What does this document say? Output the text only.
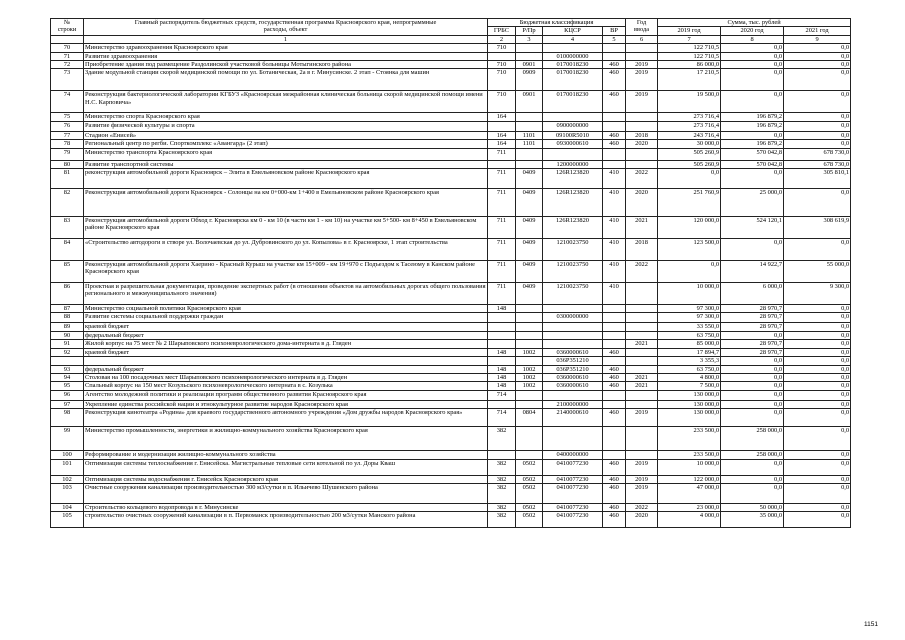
№
строки	Главный распорядитель бюджетных средств, государственная программа Красноярского края, непрограммные
расходы, объект	Бюджетная классификация				Год
ввода	Сумма, тыс. рублей		
		ГРБС	Р/Пр	КЦСР	ВР		2019 год	2020 год	2021 год
	1	2	3	4	5	6	7	8	9
70	Министерство здравоохранения Красноярского края	710					122 710,5	0,0	0,0
71	Развитие здравоохранения			0100000000			122 710,5	0,0	0,0
72	Приобретение здания под размещение Раздолинской участковой больницы Мотыгинского района	710	0901	0170018230	460	2019	86 000,0	0,0	0,0
73	Здание модульной станции скорой медицинской помощи по ул. Ботаническая, 2а в г. Минусинске. 2 этап - Стоянка для машин	710	0909	0170018230	460	2019	17 210,5	0,0	0,0
74	Реконструкция бактериологической лаборатории КГБУЗ «Красноярская межрайонная клиническая больница скорой медицинской помощи имени Н.С. Карповича»	710	0901	0170018230	460	2019	19 500,0	0,0	0,0
75	Министерство спорта Красноярского края	164					273 716,4	196 879,2	0,0
76	Развитие физической культуры и спорта			0900000000			273 716,4	196 879,2	0,0
77	Стадион «Енисей»	164	1101	09100R5010	460	2018	243 716,4	0,0	0,0
78	Региональный центр по регби. Спорткомплекс «Авангард» (2 этап)	164	1101	0930000610	460	2020	30 000,0	196 879,2	0,0
79	Министерство транспорта Красноярского края	711					505 260,9	570 042,8	678 730,0
80	Развитие транспортной системы			1200000000			505 260,9	570 042,8	678 730,0
81	реконструкция автомобильной дороги Красноярск – Элита в Емельяновском районе Красноярского края	711	0409	126R123820	410	2022	0,0	0,0	305 810,1
82	Реконструкция автомобильной дороги Красноярск - Солонцы на км 0+000-км 1+400 в Емельяновском районе Красноярского края	711	0409	126R123820	410	2020	251 760,9	25 000,0	0,0
83	Реконструкция автомобильной дороги Обход г. Красноярска км 0 - км 10 (в части км 1 - км 10) на участке км 5+500- км 8+450 в Емельяновском районе Красноярского края	711	0409	126R123820	410	2021	120 000,0	524 120,1	308 619,9
84	«Строительство автодороги в створе ул. Волочаевская до ул. Дубровинского до ул. Копылова» в г. Красноярске, 1 этап строительства	711	0409	1210023750	410	2018	123 500,0	0,0	0,0
85	Реконструкция автомобильной дороги Хаерино - Красный Курыш на участке км 15+009 - км 19+970 с Подъездом к Тасеюму в Канском районе Красноярского края	711	0409	1210023750	410	2022	0,0	14 922,7	55 000,0
86	Проектная и разрешительная документация, проведение экспертных работ (в отношении объектов на автомобильных дорогах общего пользования регионального и межмуниципального значения)	711	0409	1210023750	410		10 000,0	6 000,0	9 300,0
87	Министерство социальной политики Красноярского края	148					97 300,0	28 970,7	0,0
88	Развитие системы социальной поддержки граждан			0300000000			97 300,0	28 970,7	0,0
89	краевой бюджет						33 550,0	28 970,7	0,0
90	федеральный бюджет						63 750,0	0,0	0,0
91	Жилой корпус на 75 мест № 2 Шарыповского психоневрологического дома-интерната в д. Гляден					2021	85 000,0	28 970,7	0,0
92	краевой бюджет	148	1002	0360000610	460		17 894,7	28 970,7	0,0
				036Р351210			3 355,3	0,0	0,0
93	федеральный бюджет	148	1002	036Р351210	460		63 750,0	0,0	0,0
94	Столовая на 100 посадочных мест Шарыповского психоневрологического интерната в д. Гляден	148	1002	0360000610	460	2021	4 800,0	0,0	0,0
95	Спальный корпус на 150 мест Козульского психоневрологического интерната в с. Козулька	148	1002	0360000610	460	2021	7 500,0	0,0	0,0
96	Агентство молодежной политики и реализации программ общественного развития Красноярского края	714					130 000,0	0,0	0,0
97	Укрепление единства российской нации и этнокультурное развитие народов Красноярского края			2100000000			130 000,0	0,0	0,0
98	Реконструкция кинотеатра «Родина» для краевого государственного автономного учреждения «Дом дружбы народов Красноярского края»	714	0804	2140000610	460	2019	130 000,0	0,0	0,0
99	Министерство промышленности, энергетики и жилищно-коммунального хозяйства Красноярского края	382					233 500,0	258 000,0	0,0
100	Реформирование и модернизация жилищно-коммунального хозяйства			0400000000			233 500,0	258 000,0	0,0
101	Оптимизация системы теплоснабжения г. Енисейска. Магистральные тепловые сети котельной по ул. Доры Кваш	382	0502	0410077230	460	2019	10 000,0	0,0	0,0
102	Оптимизация системы водоснабжения г. Енисейск Красноярского края	382	0502	0410077230	460	2019	122 000,0	0,0	0,0
103	Очистные сооружения канализации производительностью 300 м3/сутки в п. Ильичево Шушенского района	382	0502	0410077230	460	2019	47 000,0	0,0	0,0
104	Строительство кольцевого водопровода в г. Минусинске	382	0502	0410077230	460	2022	23 000,0	50 000,0	0,0
105	строительство очистных сооружений канализации в п. Первоманск производительностью 200 м3/сутки Манского района	382	0502	0410077230	460	2020	4 000,0	35 000,0	0,0
1151
